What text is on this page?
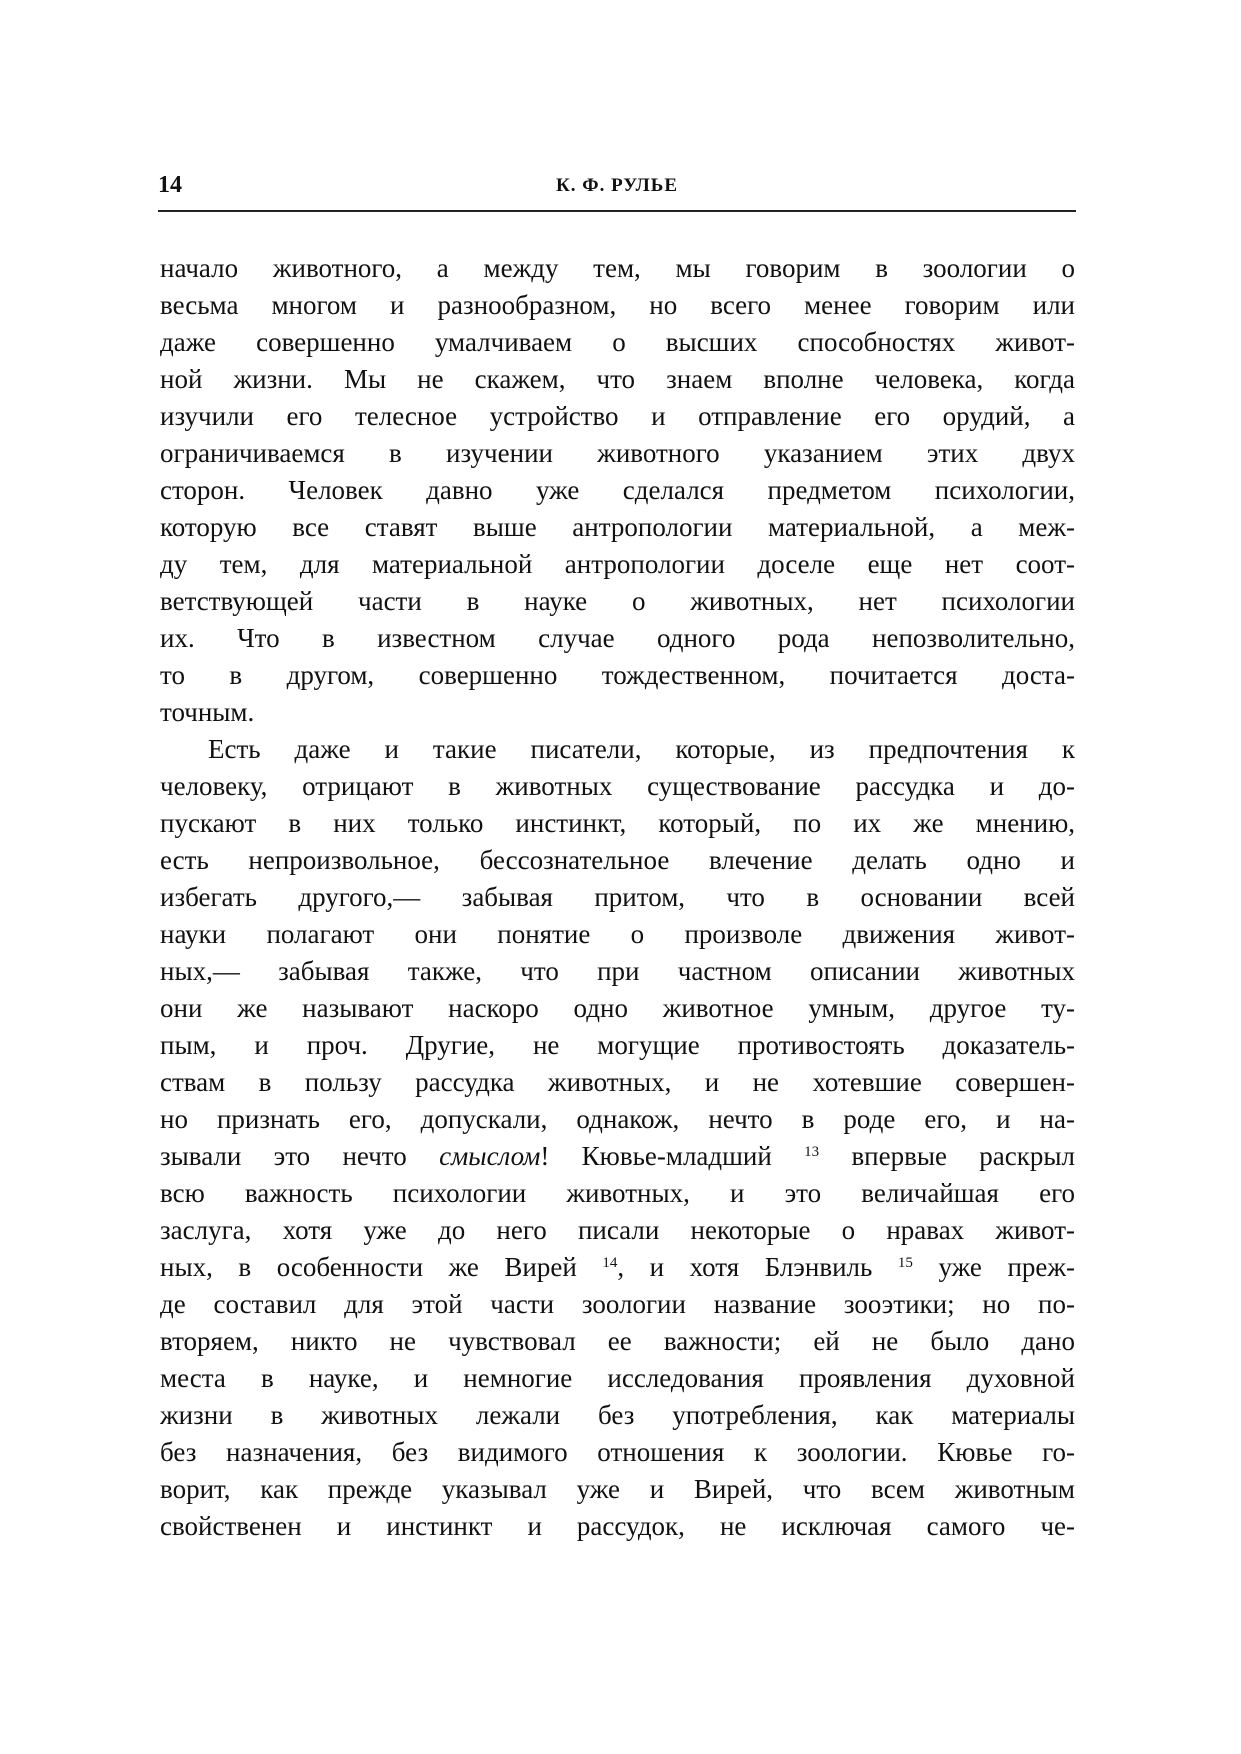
14	К. Ф. РУЛЬЕ
начало животного, а между тем, мы говорим в зоологии о
весьма многом и разнообразном, но всего менее говорим или
даже совершенно умалчиваем о высших способностях живот-
ной жизни. Мы не скажем, что знаем вполне человека, когда
изучили его телесное устройство и отправление его орудий, а
ограничиваемся в изучении животного указанием этих двух
сторон. Человек давно уже сделался предметом психологии,
которую все ставят выше антропологии материальной, а меж-
ду тем, для материальной антропологии доселе еще нет соот-
ветствующей части в науке о животных, нет психологии
их. Что в известном случае одного рода непозволительно,
то в другом, совершенно тождественном, почитается доста-
точным.
Есть даже и такие писатели, которые, из предпочтения к
человеку, отрицают в животных существование рассудка и до-
пускают в них только инстинкт, который, по их же мнению,
есть непроизвольное, бессознательное влечение делать одно и
избегать другого,— забывая притом, что в основании всей
науки полагают они понятие о произволе движения живот-
ных,— забывая также, что при частном описании животных
они же называют наскоро одно животное умным, другое ту-
пым, и проч. Другие, не могущие противостоять доказатель-
ствам в пользу рассудка животных, и не хотевшие совершен-
но признать его, допускали, однакож, нечто в роде его, и на-
зывали это нечто смыслом! Кювье-младший $^{13}$ впервые раскрыл
всю важность психологии животных, и это величайшая его
заслуга, хотя уже до него писали некоторые о нравах живот-
ных, в особенности же Вирей $^{14}$, и хотя Блэнвиль $^{15}$ уже преж-
де составил для этой части зоологии название зооэтики; но по-
вторяем, никто не чувствовал ее важности; ей не было дано
места в науке, и немногие исследования проявления духовной
жизни в животных лежали без употребления, как материалы
без назначения, без видимого отношения к зоологии. Кювье го-
ворит, как прежде указывал уже и Вирей, что всем животным
свойственен и инстинкт и рассудок, не исключая самого че-
